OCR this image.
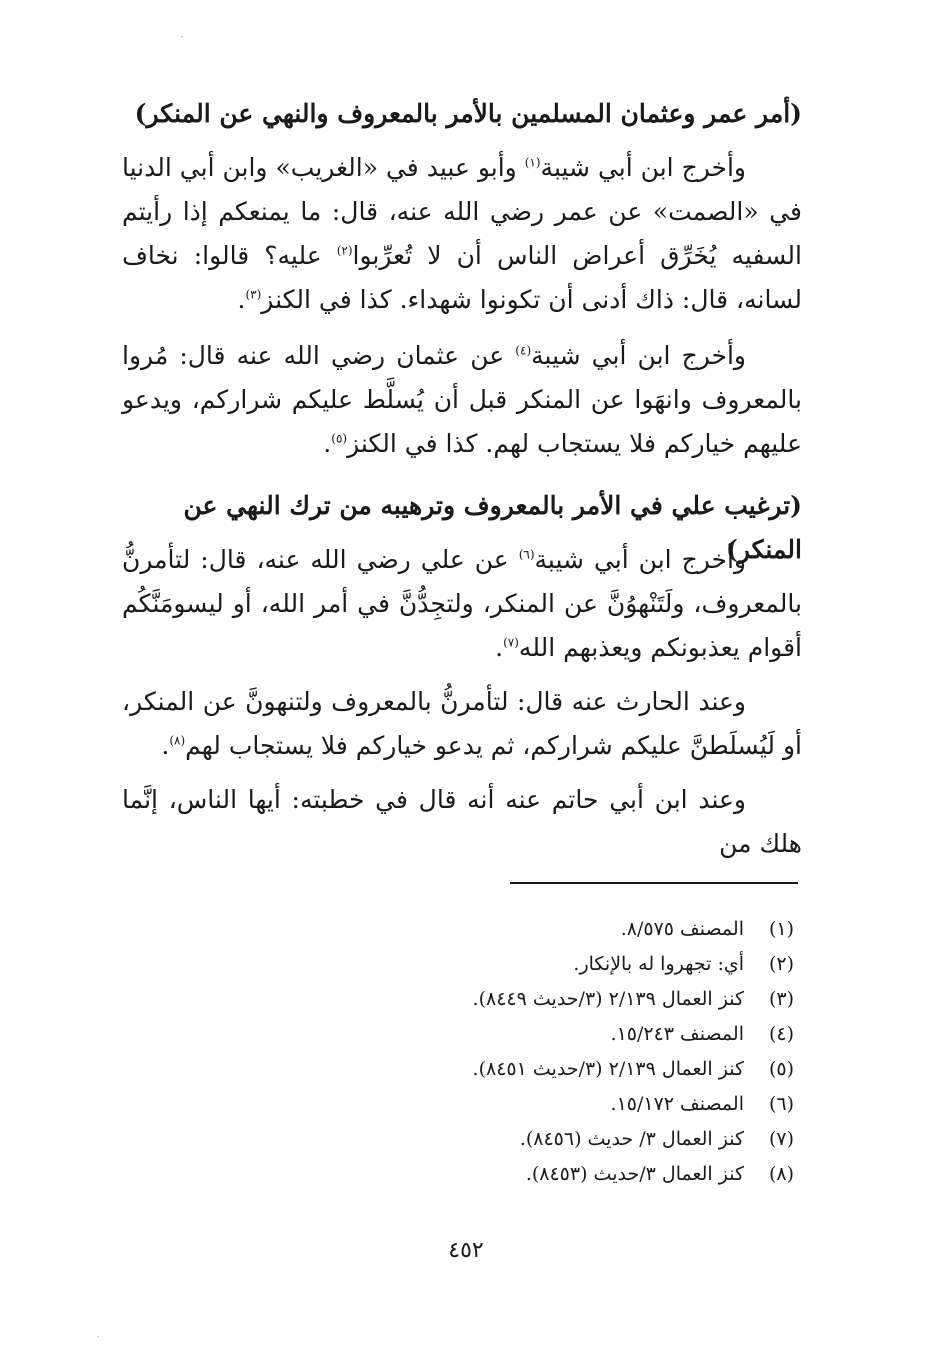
(أمر عمر وعثمان المسلمين بالأمر بالمعروف والنهي عن المنكر)

وأخرج ابن أبي شيبة$^{(١)}$ وأبو عبيد في «الغريب» وابن أبي الدنيا في «الصمت» عن عمر رضي الله عنه، قال: ما يمنعكم إذا رأيتم السفيه يُخَرِّق أعراض الناس أن لا تُعرِّبوا$^{(٢)}$ عليه؟ قالوا: نخاف لسانه، قال: ذاك أدنى أن تكونوا شهداء. كذا في الكنز$^{(٣)}$.

وأخرج ابن أبي شيبة$^{(٤)}$ عن عثمان رضي الله عنه قال: مُروا بالمعروف وانهَوا عن المنكر قبل أن يُسلَّط عليكم شراركم، ويدعو عليهم خياركم فلا يستجاب لهم. كذا في الكنز$^{(٥)}$.

(ترغيب علي في الأمر بالمعروف وترهيبه من ترك النهي عن المنكر)

وأخرج ابن أبي شيبة$^{(٦)}$ عن علي رضي الله عنه، قال: لتأمرنُّ بالمعروف، ولَتَنْهوُنَّ عن المنكر، ولتجِدُّنَّ في أمر الله، أو ليسومَنَّكُم أقوام يعذبونكم ويعذبهم الله$^{(٧)}$.

وعند الحارث عنه قال: لتأمرنُّ بالمعروف ولتنهونَّ عن المنكر، أو لَيُسلَطنَّ عليكم شراركم، ثم يدعو خياركم فلا يستجاب لهم$^{(٨)}$.

وعند ابن أبي حاتم عنه أنه قال في خطبته: أيها الناس، إنَّما هلك من

(١)
المصنف ٨/٥٧٥.
(٢)
أي: تجهروا له بالإنكار.
(٣)
كنز العمال ٢/١٣٩ (٣/حديث ٨٤٤٩).
(٤)
المصنف ١٥/٢٤٣.
(٥)
كنز العمال ٢/١٣٩ (٣/حديث ٨٤٥١).
(٦)
المصنف ١٥/١٧٢.
(٧)
كنز العمال ٣/ حديث (٨٤٥٦).
(٨)
كنز العمال ٣/حديث (٨٤٥٣).
٤٥٢
·
·
